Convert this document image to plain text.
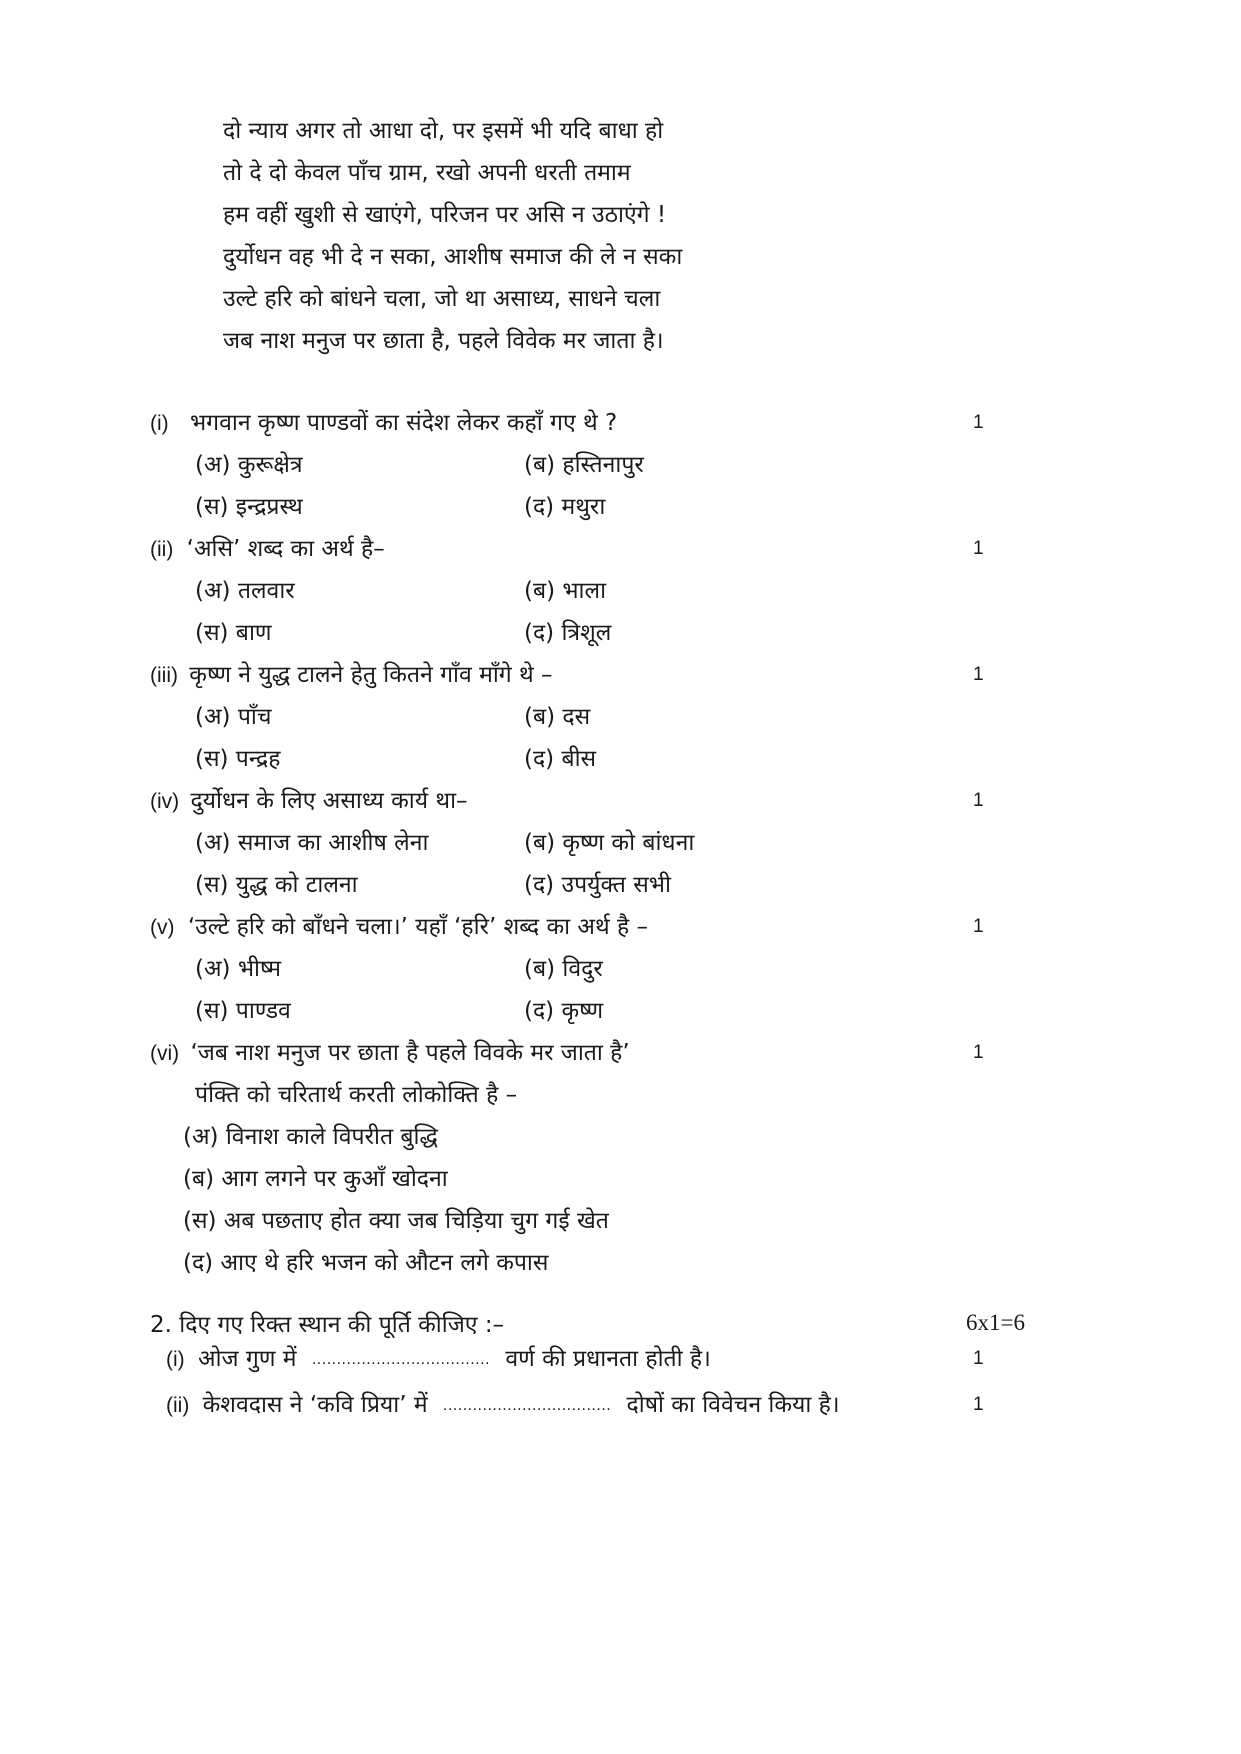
दो न्याय अगर तो आधा दो, पर इसमें भी यदि बाधा हो
तो दे दो केवल पाँच ग्राम, रखो अपनी धरती तमाम
हम वहीं खुशी से खाएंगे, परिजन पर असि न उठाएंगे !
दुर्योधन वह भी दे न सका, आशीष समाज की ले न सका
उल्टे हरि को बांधने चला, जो था असाध्य, साधने चला
जब नाश मनुज पर छाता है, पहले विवेक मर जाता है।
(i) भगवान कृष्ण पाण्डवों का संदेश लेकर कहाँ गए थे ?	1
(अ) कुरूक्षेत्र	(ब) हस्तिनापुर
(स) इन्द्रप्रस्थ	(द) मथुरा
(ii) ‘असि’ शब्द का अर्थ है–	1
(अ) तलवार	(ब) भाला
(स) बाण	(द) त्रिशूल
(iii) कृष्ण ने युद्ध टालने हेतु कितने गाँव माँगे थे –	1
(अ) पाँच	(ब) दस
(स) पन्द्रह	(द) बीस
(iv) दुर्योधन के लिए असाध्य कार्य था–	1
(अ) समाज का आशीष लेना	(ब) कृष्ण को बांधना
(स) युद्ध को टालना	(द) उपर्युक्त सभी
(v) ‘उल्टे हरि को बाँधने चला।’ यहाँ ‘हरि’ शब्द का अर्थ है –	1
(अ) भीष्म	(ब) विदुर
(स) पाण्डव	(द) कृष्ण
(vi) ‘जब नाश मनुज पर छाता है पहले विवके मर जाता है’	1
पंक्ति को चरितार्थ करती लोकोक्ति है –
(अ) विनाश काले विपरीत बुद्धि
(ब) आग लगने पर कुआँ खोदना
(स) अब पछताए होत क्या जब चिड़िया चुग गई खेत
(द) आए थे हरि भजन को औटन लगे कपास
2. दिए गए रिक्त स्थान की पूर्ति कीजिए :–	6x1=6
(i) ओज गुण में .................................... वर्ण की प्रधानता होती है।	1
(ii) केशवदास ने ‘कवि प्रिया’ में .................................. दोषों का विवेचन किया है।	1
